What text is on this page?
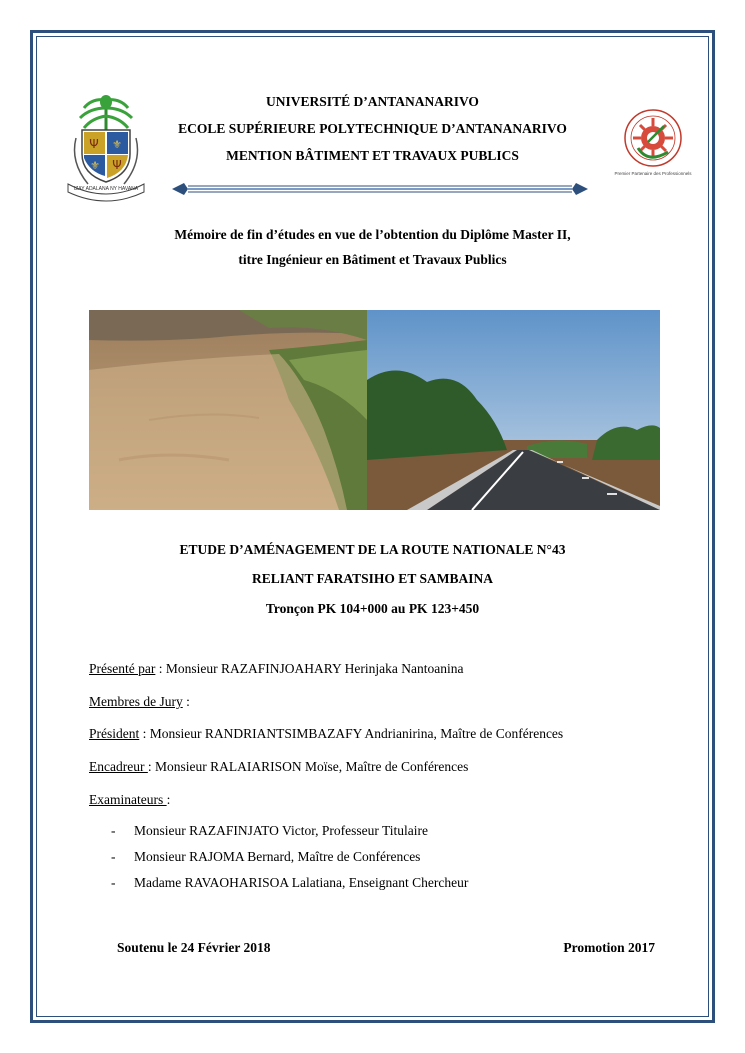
Ψ ⚜
⚜ Ψ
IZAY ADALANA NY HAVANA
Premier Partenaire des Professionnels
UNIVERSITÉ D’ANTANANARIVO
ECOLE SUPÉRIEURE POLYTECHNIQUE D’ANTANANARIVO
MENTION BÂTIMENT ET TRAVAUX PUBLICS
Mémoire de fin d’études en vue de l’obtention du Diplôme Master II,
titre Ingénieur en Bâtiment et Travaux Publics
ETUDE D’AMÉNAGEMENT DE LA ROUTE NATIONALE N°43
RELIANT FARATSIHO ET SAMBAINA
Tronçon PK 104+000 au PK 123+450
Présenté par : Monsieur RAZAFINJOAHARY Herinjaka Nantoanina
Membres de Jury :
Président : Monsieur RANDRIANTSIMBAZAFY Andrianirina, Maître de Conférences
Encadreur : Monsieur RALAIARISON Moïse, Maître de Conférences
Examinateurs :
- Monsieur RAZAFINJATO Victor, Professeur Titulaire
- Monsieur RAJOMA Bernard, Maître de Conférences
- Madame RAVAOHARISOA Lalatiana, Enseignant Chercheur
Soutenu le 24 Février 2018	Promotion 2017
